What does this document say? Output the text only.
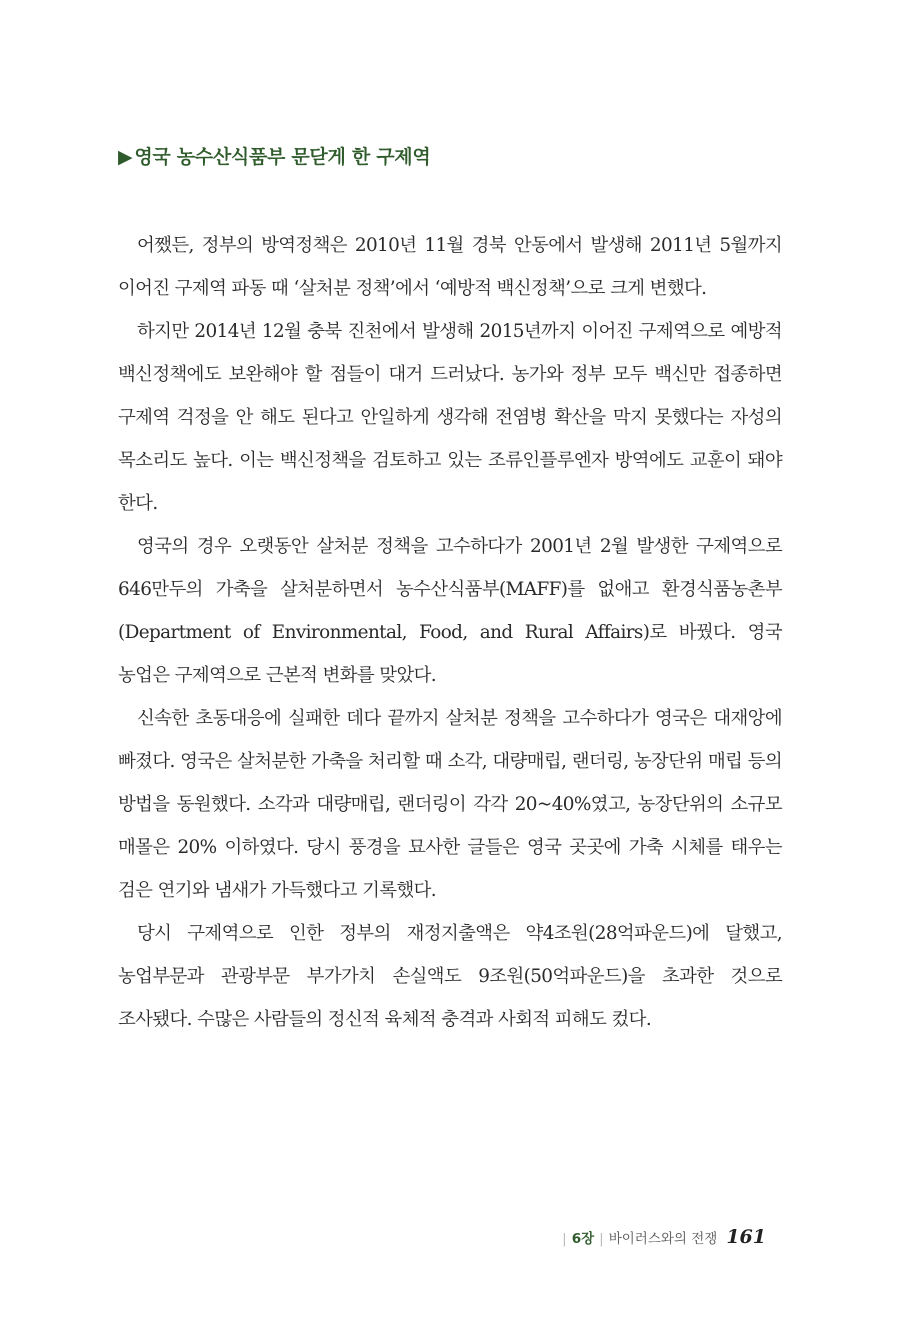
▶ 영국 농수산식품부 문닫게 한 구제역

어쨌든, 정부의 방역정책은 2010년 11월 경북 안동에서 발생해 2011년 5월까지 이어진 구제역 파동 때 ‘살처분 정책’에서 ‘예방적 백신정책’으로 크게 변했다.

하지만 2014년 12월 충북 진천에서 발생해 2015년까지 이어진 구제역으로 예방적 백신정책에도 보완해야 할 점들이 대거 드러났다. 농가와 정부 모두 백신만 접종하면 구제역 걱정을 안 해도 된다고 안일하게 생각해 전염병 확산을 막지 못했다는 자성의 목소리도 높다. 이는 백신정책을 검토하고 있는 조류인플루엔자 방역에도 교훈이 돼야 한다.

영국의 경우 오랫동안 살처분 정책을 고수하다가 2001년 2월 발생한 구제역으로 646만두의 가축을 살처분하면서 농수산식품부(MAFF)를 없애고 환경식품농촌부(Department of Environmental, Food, and Rural Affairs)로 바꿨다. 영국 농업은 구제역으로 근본적 변화를 맞았다.

신속한 초동대응에 실패한 데다 끝까지 살처분 정책을 고수하다가 영국은 대재앙에 빠졌다. 영국은 살처분한 가축을 처리할 때 소각, 대량매립, 랜더링, 농장단위 매립 등의 방법을 동원했다. 소각과 대량매립, 랜더링이 각각 20~40%였고, 농장단위의 소규모 매몰은 20% 이하였다. 당시 풍경을 묘사한 글들은 영국 곳곳에 가축 시체를 태우는 검은 연기와 냄새가 가득했다고 기록했다.

당시 구제역으로 인한 정부의 재정지출액은 약4조원(28억파운드)에 달했고, 농업부문과 관광부문 부가가치 손실액도 9조원(50억파운드)을 초과한 것으로 조사됐다. 수많은 사람들의 정신적 육체적 충격과 사회적 피해도 컸다.

| 6장 | 바이러스와의 전쟁 161
